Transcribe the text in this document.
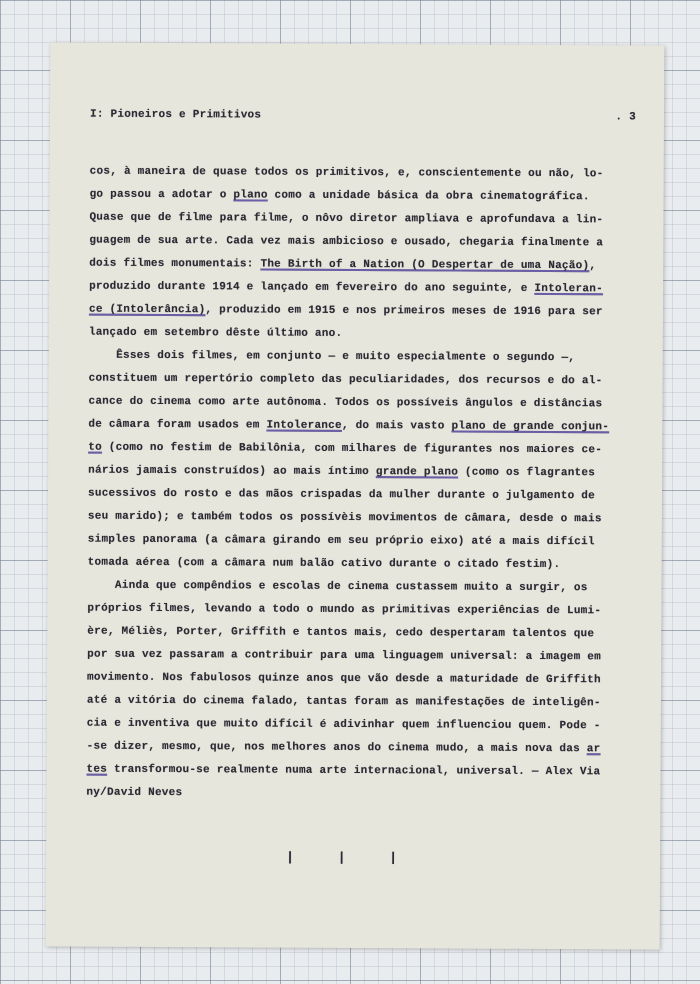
I: Pioneiros e Primitivos	. 3
cos, à maneira de quase todos os primitivos, e, conscientemente ou não, lo-
go passou a adotar o plano como a unidade básica da obra cinematográfica.
Quase que de filme para filme, o nôvo diretor ampliava e aprofundava a lin-
guagem de sua arte. Cada vez mais ambicioso e ousado, chegaria finalmente a
dois filmes monumentais: The Birth of a Nation (O Despertar de uma Nação),
produzido durante 1914 e lançado em fevereiro do ano seguinte, e Intoleran-
ce (Intolerância), produzido em 1915 e nos primeiros meses de 1916 para ser
lançado em setembro dêste último ano.
Êsses dois filmes, em conjunto — e muito especialmente o segundo —,
constituem um repertório completo das peculiaridades, dos recursos e do al-
cance do cinema como arte autônoma. Todos os possíveis ângulos e distâncias
de câmara foram usados em Intolerance, do mais vasto plano de grande conjun-
to (como no festim de Babilônia, com milhares de figurantes nos maiores ce-
nários jamais construídos) ao mais íntimo grande plano (como os flagrantes
sucessivos do rosto e das mãos crispadas da mulher durante o julgamento de
seu marido); e também todos os possívèis movimentos de câmara, desde o mais
simples panorama (a câmara girando em seu próprio eixo) até a mais difícil
tomada aérea (com a câmara num balão cativo durante o citado festim).
Ainda que compêndios e escolas de cinema custassem muito a surgir, os
próprios filmes, levando a todo o mundo as primitivas experiências de Lumi-
ère, Méliès, Porter, Griffith e tantos mais, cedo despertaram talentos que
por sua vez passaram a contribuir para uma linguagem universal: a imagem em
movimento. Nos fabulosos quinze anos que vão desde a maturidade de Griffith
até a vitória do cinema falado, tantas foram as manifestações de inteligên-
cia e inventiva que muito difícil é adivinhar quem influenciou quem. Pode -
-se dizer, mesmo, que, nos melhores anos do cinema mudo, a mais nova das ar
tes transformou-se realmente numa arte internacional, universal. — Alex Via
ny/David Neves
| | |
